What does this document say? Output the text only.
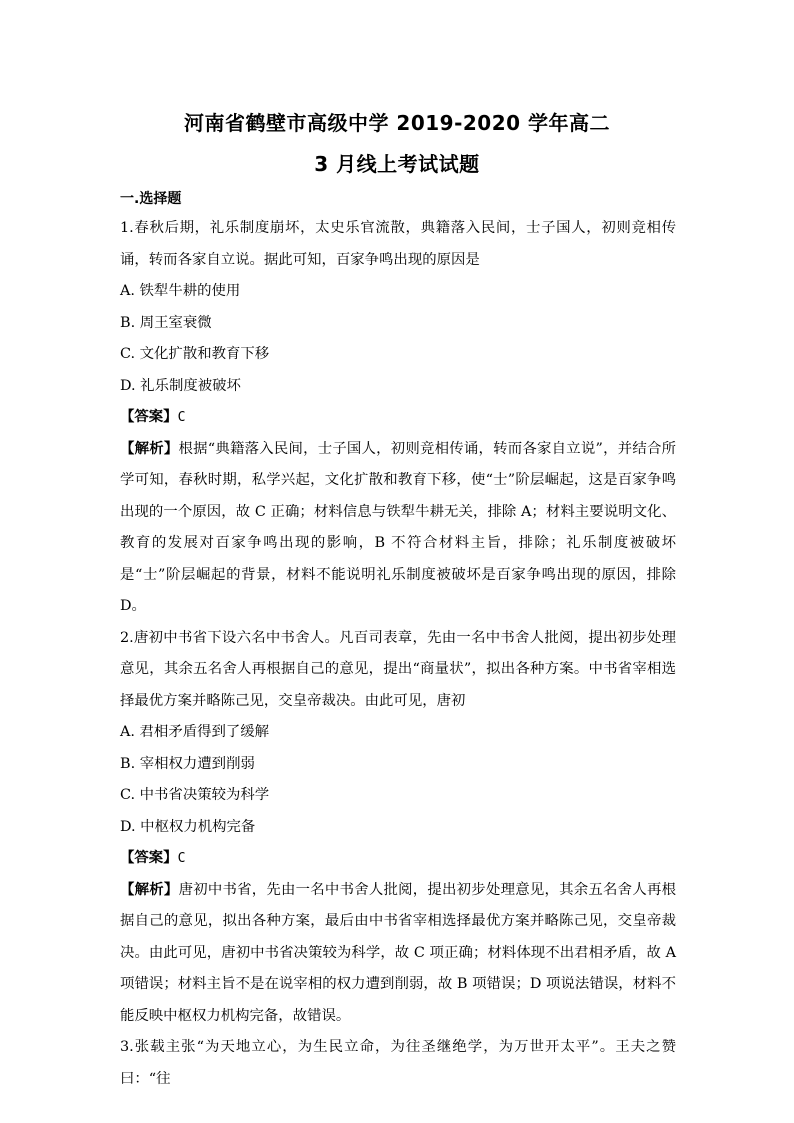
河南省鹤壁市高级中学 2019-2020 学年高二
3 月线上考试试题
一.选择题

1.春秋后期，礼乐制度崩坏，太史乐官流散，典籍落入民间，士子国人，初则竞相传诵，转而各家自立说。据此可知，百家争鸣出现的原因是

A. 铁犁牛耕的使用

B. 周王室衰微

C. 文化扩散和教育下移

D. 礼乐制度被破坏

【答案】C

【解析】根据“典籍落入民间，士子国人，初则竞相传诵，转而各家自立说”，并结合所学可知，春秋时期，私学兴起，文化扩散和教育下移，使“士”阶层崛起，这是百家争鸣出现的一个原因，故 C 正确；材料信息与铁犁牛耕无关，排除 A；材料主要说明文化、教育的发展对百家争鸣出现的影响，B 不符合材料主旨，排除；礼乐制度被破坏是“士”阶层崛起的背景，材料不能说明礼乐制度被破坏是百家争鸣出现的原因，排除 D。

2.唐初中书省下设六名中书舍人。凡百司表章，先由一名中书舍人批阅，提出初步处理意见，其余五名舍人再根据自己的意见，提出“商量状”，拟出各种方案。中书省宰相选择最优方案并略陈己见，交皇帝裁决。由此可见，唐初

A. 君相矛盾得到了缓解

B. 宰相权力遭到削弱

C. 中书省决策较为科学

D. 中枢权力机构完备

【答案】C

【解析】唐初中书省，先由一名中书舍人批阅，提出初步处理意见，其余五名舍人再根据自己的意见，拟出各种方案，最后由中书省宰相选择最优方案并略陈己见，交皇帝裁决。由此可见，唐初中书省决策较为科学，故 C 项正确；材料体现不出君相矛盾，故 A 项错误；材料主旨不是在说宰相的权力遭到削弱，故 B 项错误；D 项说法错误，材料不能反映中枢权力机构完备，故错误。

3.张载主张“为天地立心，为生民立命，为往圣继绝学，为万世开太平”。王夫之赞曰：“往
